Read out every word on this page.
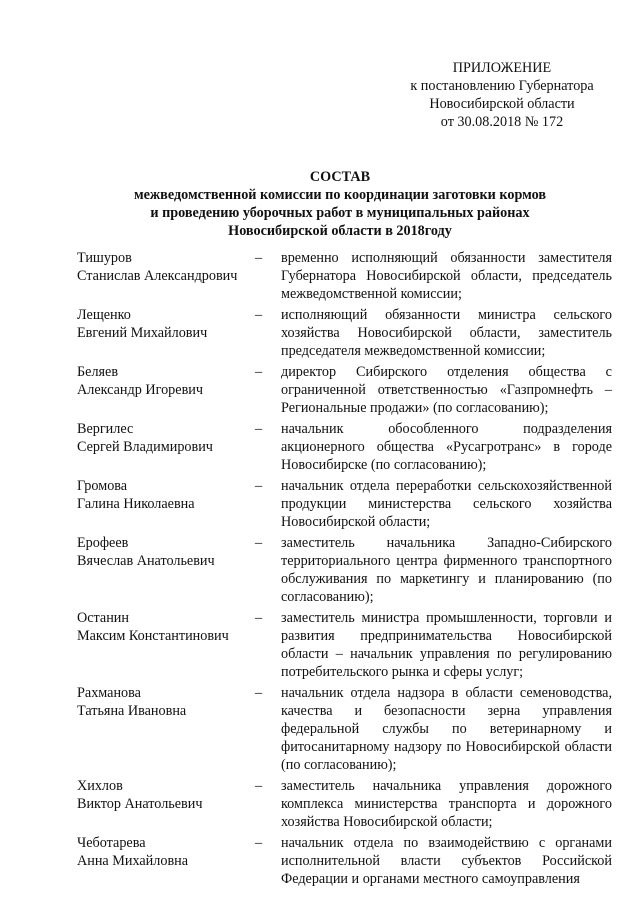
ПРИЛОЖЕНИЕ
к постановлению Губернатора
Новосибирской области
от 30.08.2018 № 172
СОСТАВ
межведомственной комиссии по координации заготовки кормов
и проведению уборочных работ в муниципальных районах
Новосибирской области в 2018году
Тишуров
Станислав Александрович
–	временно исполняющий обязанности заместителя Губернатора Новосибирской области, председатель межведомственной комиссии;
Лещенко
Евгений Михайлович
–	исполняющий обязанности министра сельского хозяйства Новосибирской области, заместитель председателя межведомственной комиссии;
Беляев
Александр Игоревич
–	директор Сибирского отделения общества с ограниченной ответственностью «Газпромнефть – Региональные продажи» (по согласованию);
Вергилес
Сергей Владимирович
–	начальник обособленного подразделения акционерного общества «Русагротранс» в городе Новосибирске (по согласованию);
Громова
Галина Николаевна
–	начальник отдела переработки сельскохозяйственной продукции министерства сельского хозяйства Новосибирской области;
Ерофеев
Вячеслав Анатольевич
–	заместитель начальника Западно-Сибирского территориального центра фирменного транспортного обслуживания по маркетингу и планированию (по согласованию);
Останин
Максим Константинович
–	заместитель министра промышленности, торговли и развития предпринимательства Новосибирской области – начальник управления по регулированию потребительского рынка и сферы услуг;
Рахманова
Татьяна Ивановна
–	начальник отдела надзора в области семеноводства, качества и безопасности зерна управления федеральной службы по ветеринарному и фитосанитарному надзору по Новосибирской области (по согласованию);
Хихлов
Виктор Анатольевич
–	заместитель начальника управления дорожного комплекса министерства транспорта и дорожного хозяйства Новосибирской области;
Чеботарева
Анна Михайловна
–	начальник отдела по взаимодействию с органами исполнительной власти субъектов Российской Федерации и органами местного самоуправления
